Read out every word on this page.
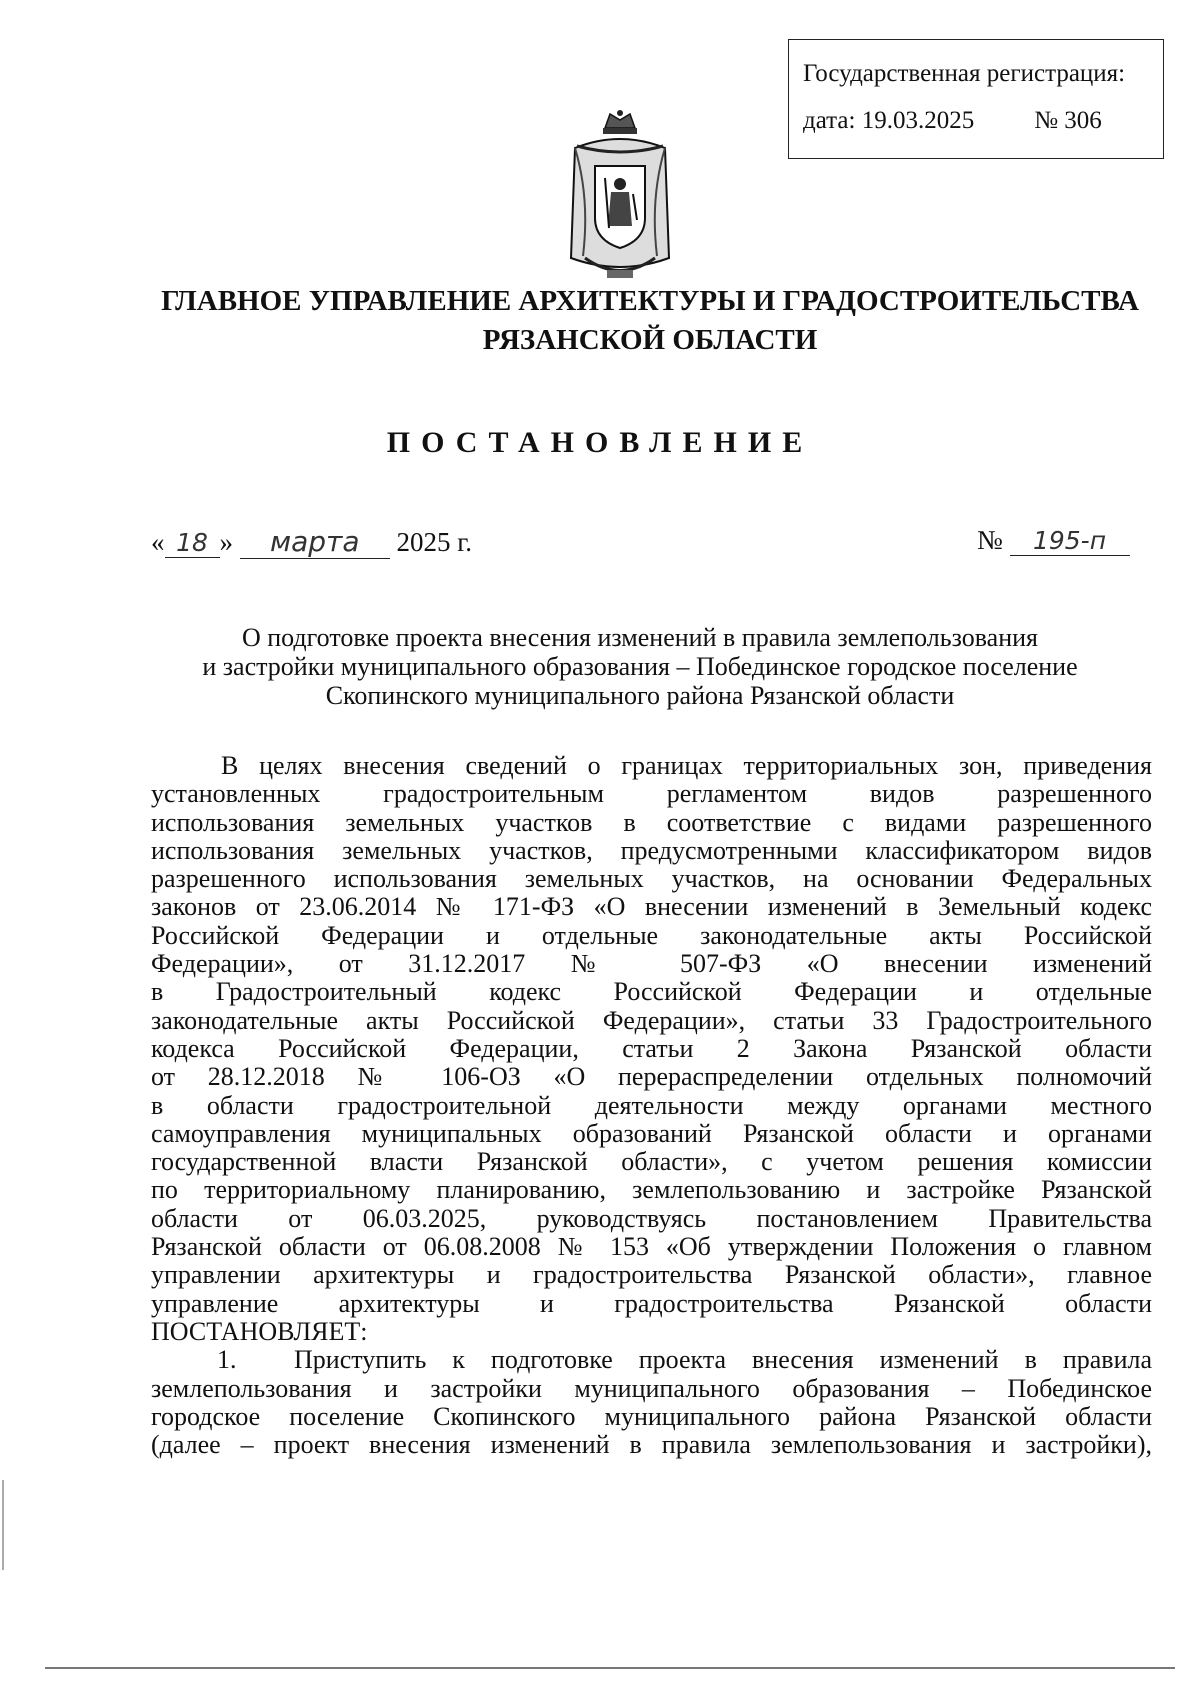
Государственная регистрация:
дата: 19.03.2025 № 306
ГЛАВНОЕ УПРАВЛЕНИЕ АРХИТЕКТУРЫ И ГРАДОСТРОИТЕЛЬСТВА
РЯЗАНСКОЙ ОБЛАСТИ
ПОСТАНОВЛЕНИЕ
« 18 » марта 2025 г.	№ 195-п
О подготовке проекта внесения изменений в правила землепользования
и застройки муниципального образования – Побединское городское поселение
Скопинского муниципального района Рязанской области
В целях внесения сведений о границах территориальных зон, приведения
установленных градостроительным регламентом видов разрешенного
использования земельных участков в соответствие с видами разрешенного
использования земельных участков, предусмотренными классификатором видов
разрешенного использования земельных участков, на основании Федеральных
законов от 23.06.2014 № 171-ФЗ «О внесении изменений в Земельный кодекс
Российской Федерации и отдельные законодательные акты Российской
Федерации», от 31.12.2017 № 507-ФЗ «О внесении изменений
в Градостроительный кодекс Российской Федерации и отдельные
законодательные акты Российской Федерации», статьи 33 Градостроительного
кодекса Российской Федерации, статьи 2 Закона Рязанской области
от 28.12.2018 № 106-ОЗ «О перераспределении отдельных полномочий
в области градостроительной деятельности между органами местного
самоуправления муниципальных образований Рязанской области и органами
государственной власти Рязанской области», с учетом решения комиссии
по территориальному планированию, землепользованию и застройке Рязанской
области от 06.03.2025, руководствуясь постановлением Правительства
Рязанской области от 06.08.2008 № 153 «Об утверждении Положения о главном
управлении архитектуры и градостроительства Рязанской области», главное
управление архитектуры и градостроительства Рязанской области
ПОСТАНОВЛЯЕТ:
1. Приступить к подготовке проекта внесения изменений в правила
землепользования и застройки муниципального образования – Побединское
городское поселение Скопинского муниципального района Рязанской области
(далее – проект внесения изменений в правила землепользования и застройки),
